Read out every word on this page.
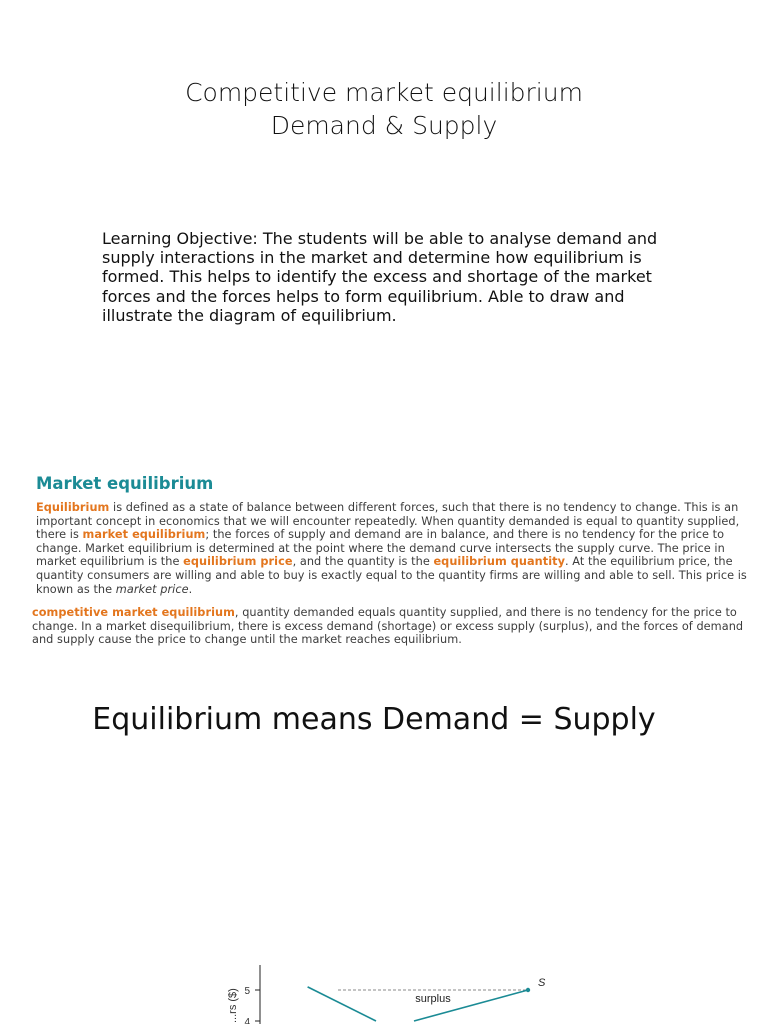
Competitive market equilibrium
Demand & Supply
Learning Objective: The students will be able to analyse demand and supply interactions in the market and determine how equilibrium is formed. This helps to identify the excess and shortage of the market forces and the forces helps to form equilibrium. Able to draw and illustrate the diagram of equilibrium.
Market equilibrium

Equilibrium is defined as a state of balance between different forces, such that there is no tendency to change. This is an important concept in economics that we will encounter repeatedly. When quantity demanded is equal to quantity supplied, there is market equilibrium; the forces of supply and demand are in balance, and there is no tendency for the price to change. Market equilibrium is determined at the point where the demand curve intersects the supply curve. The price in market equilibrium is the equilibrium price, and the quantity is the equilibrium quantity. At the equilibrium price, the quantity consumers are willing and able to buy is exactly equal to the quantity firms are willing and able to sell. This price is known as the market price.

competitive market equilibrium, quantity demanded equals quantity supplied, and there is no tendency for the price to change. In a market disequilibrium, there is excess demand (shortage) or excess supply (surplus), and the forces of demand and supply cause the price to change until the market reaches equilibrium.

Equilibrium means Demand = Supply
...rs ($) 5
4
surplus
S
